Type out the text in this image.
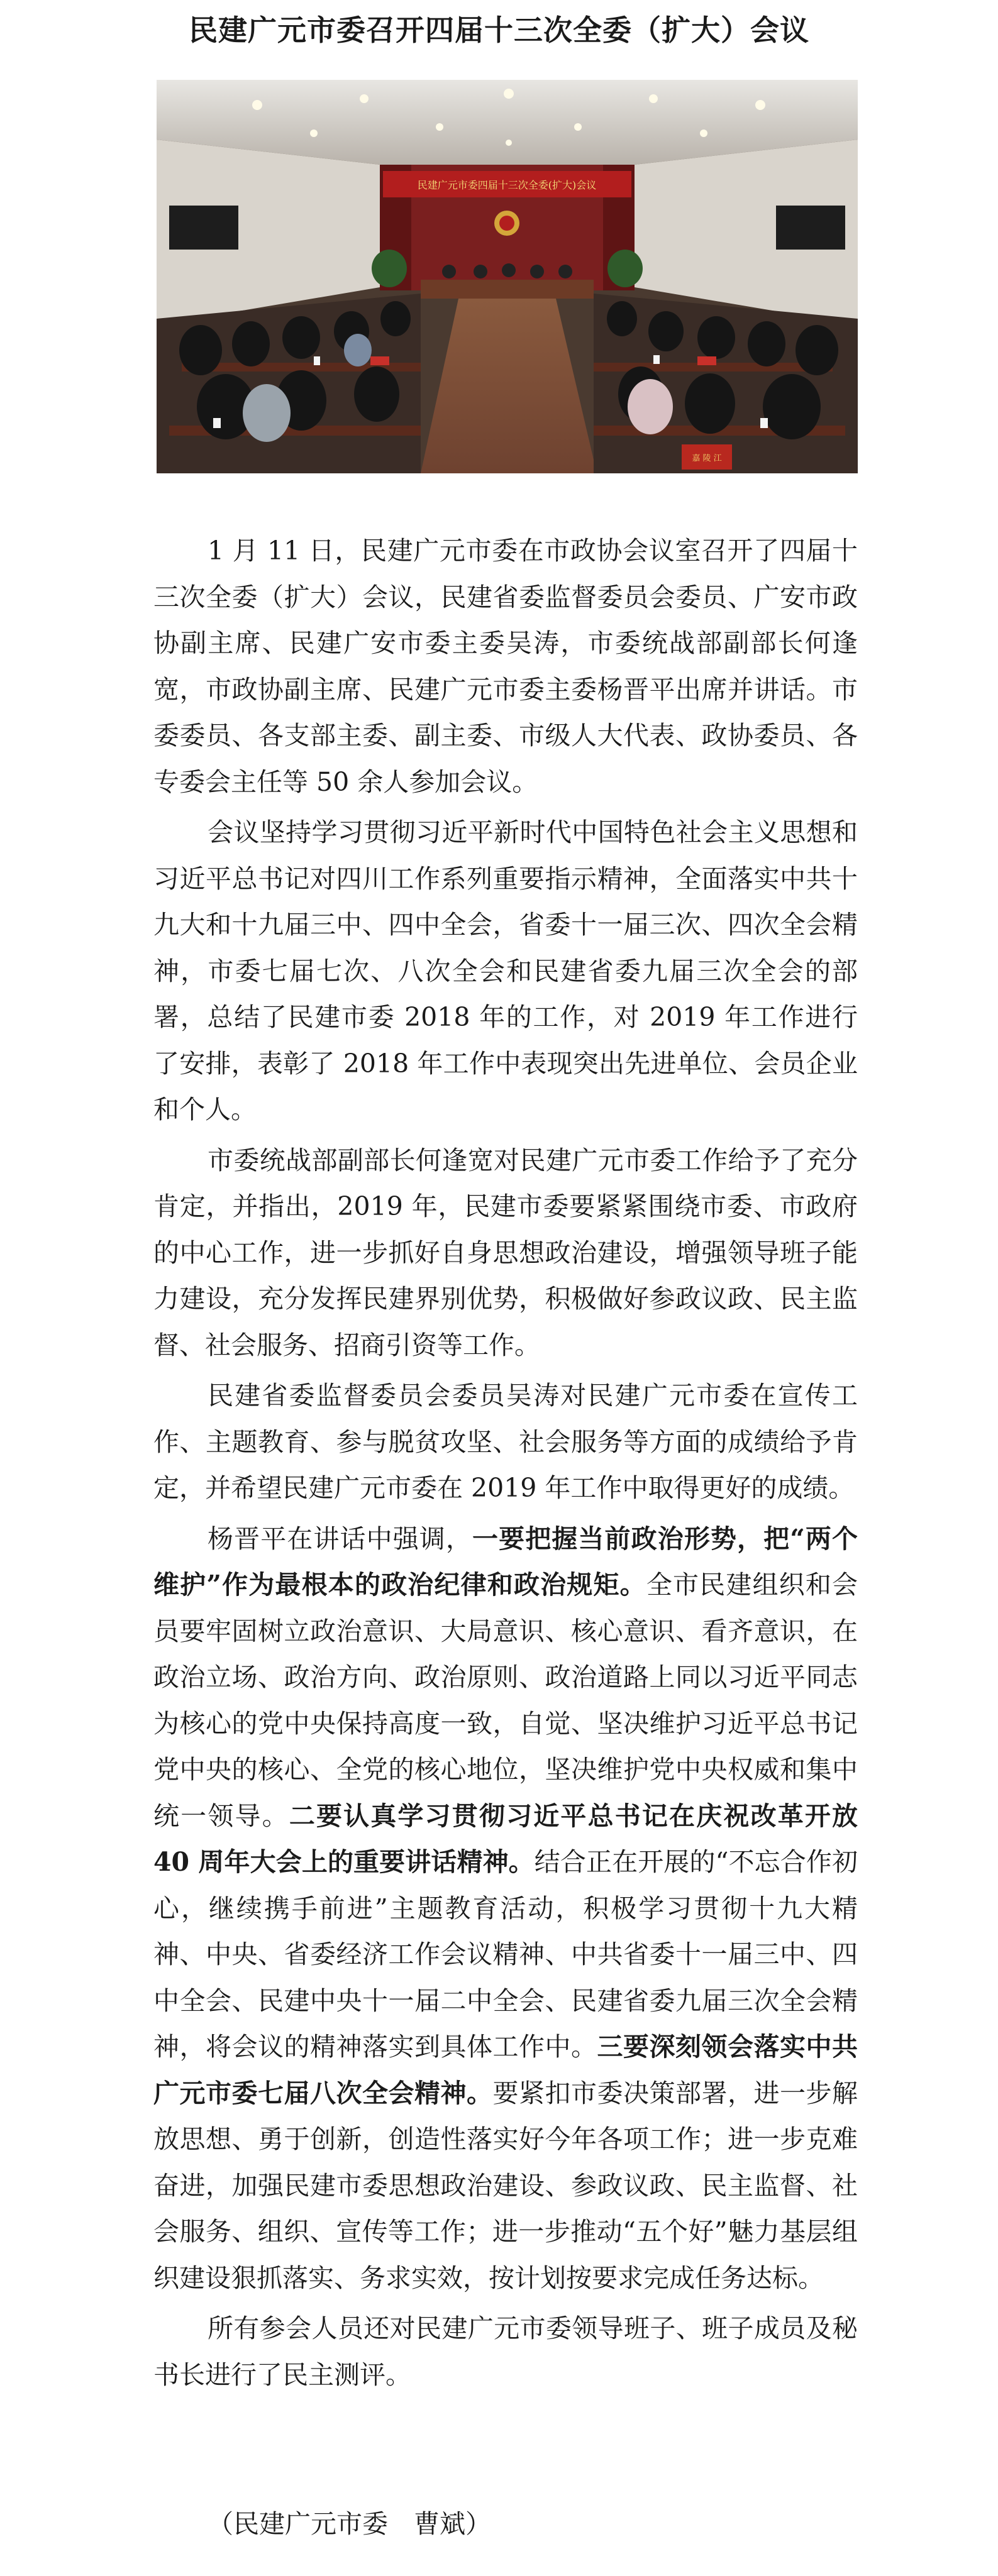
民建广元市委召开四届十三次全委（扩大）会议
民建广元市委四届十三次全委(扩大)会议
嘉 陵 江

1 月 11 日，民建广元市委在市政协会议室召开了四届十三次全委（扩大）会议，民建省委监督委员会委员、广安市政协副主席、民建广安市委主委吴涛，市委统战部副部长何逢宽，市政协副主席、民建广元市委主委杨晋平出席并讲话。市委委员、各支部主委、副主委、市级人大代表、政协委员、各专委会主任等 50 余人参加会议。

会议坚持学习贯彻习近平新时代中国特色社会主义思想和习近平总书记对四川工作系列重要指示精神，全面落实中共十九大和十九届三中、四中全会，省委十一届三次、四次全会精神，市委七届七次、八次全会和民建省委九届三次全会的部署，总结了民建市委 2018 年的工作，对 2019 年工作进行了安排，表彰了 2018 年工作中表现突出先进单位、会员企业和个人。

市委统战部副部长何逢宽对民建广元市委工作给予了充分肯定，并指出，2019 年，民建市委要紧紧围绕市委、市政府的中心工作，进一步抓好自身思想政治建设，增强领导班子能力建设，充分发挥民建界别优势，积极做好参政议政、民主监督、社会服务、招商引资等工作。

民建省委监督委员会委员吴涛对民建广元市委在宣传工作、主题教育、参与脱贫攻坚、社会服务等方面的成绩给予肯定，并希望民建广元市委在 2019 年工作中取得更好的成绩。

杨晋平在讲话中强调，一要把握当前政治形势，把“两个维护”作为最根本的政治纪律和政治规矩。全市民建组织和会员要牢固树立政治意识、大局意识、核心意识、看齐意识，在政治立场、政治方向、政治原则、政治道路上同以习近平同志为核心的党中央保持高度一致，自觉、坚决维护习近平总书记党中央的核心、全党的核心地位，坚决维护党中央权威和集中统一领导。二要认真学习贯彻习近平总书记在庆祝改革开放 40 周年大会上的重要讲话精神。结合正在开展的“不忘合作初心，继续携手前进”主题教育活动，积极学习贯彻十九大精神、中央、省委经济工作会议精神、中共省委十一届三中、四中全会、民建中央十一届二中全会、民建省委九届三次全会精神，将会议的精神落实到具体工作中。三要深刻领会落实中共广元市委七届八次全会精神。要紧扣市委决策部署，进一步解放思想、勇于创新，创造性落实好今年各项工作；进一步克难奋进，加强民建市委思想政治建设、参政议政、民主监督、社会服务、组织、宣传等工作；进一步推动“五个好”魅力基层组织建设狠抓落实、务求实效，按计划按要求完成任务达标。

所有参会人员还对民建广元市委领导班子、班子成员及秘书长进行了民主测评。

（民建广元市委　曹斌）
